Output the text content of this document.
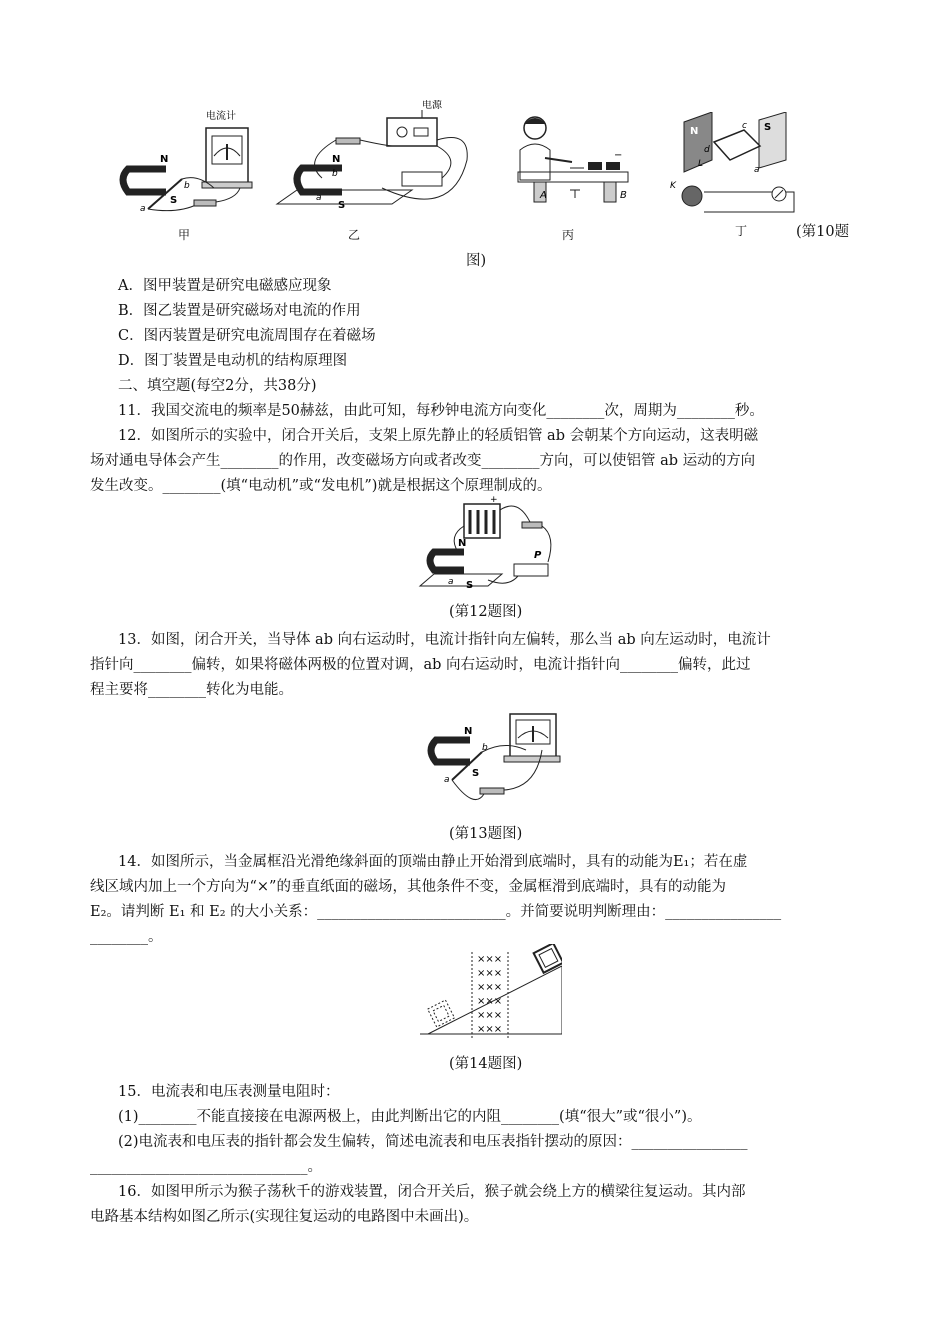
电流计
N
S
a
b
甲
电源
N
S
b
a
乙
−
A	B
丙
N	S
c
d
a
L
K
丁	(第10题
图)
A．图甲装置是研究电磁感应现象
B．图乙装置是研究磁场对电流的作用
C．图丙装置是研究电流周围存在着磁场
D．图丁装置是电动机的结构原理图
二、填空题(每空2分，共38分)
11．我国交流电的频率是50赫兹，由此可知，每秒钟电流方向变化________次，周期为________秒。
12．如图所示的实验中，闭合开关后，支架上原先静止的轻质铝管 ab 会朝某个方向运动，这表明磁
场对通电导体会产生________的作用，改变磁场方向或者改变________方向，可以使铝管 ab 运动的方向
发生改变。________(填“电动机”或“发电机”)就是根据这个原理制成的。
+
N
S
a
P
(第12题图)
13．如图，闭合开关，当导体 ab 向右运动时，电流计指针向左偏转，那么当 ab 向左运动时，电流计
指针向________偏转，如果将磁体两极的位置对调，ab 向右运动时，电流计指针向________偏转，此过
程主要将________转化为电能。
N
S
a
b
(第13题图)
14．如图所示，当金属框沿光滑绝缘斜面的顶端由静止开始滑到底端时，具有的动能为E₁；若在虚
线区域内加上一个方向为“×”的垂直纸面的磁场，其他条件不变，金属框滑到底端时，具有的动能为
E₂。请判断 E₁ 和 E₂ 的大小关系：__________________________。并简要说明判断理由：________________
________。
×××
×××
×××
×××
×××
×××
(第14题图)
15．电流表和电压表测量电阻时：
(1)________不能直接接在电源两极上，由此判断出它的内阻________(填“很大”或“很小”)。
(2)电流表和电压表的指针都会发生偏转，简述电流表和电压表指针摆动的原因：________________
______________________________。
16．如图甲所示为猴子荡秋千的游戏装置，闭合开关后，猴子就会绕上方的横梁往复运动。其内部
电路基本结构如图乙所示(实现往复运动的电路图中未画出)。
